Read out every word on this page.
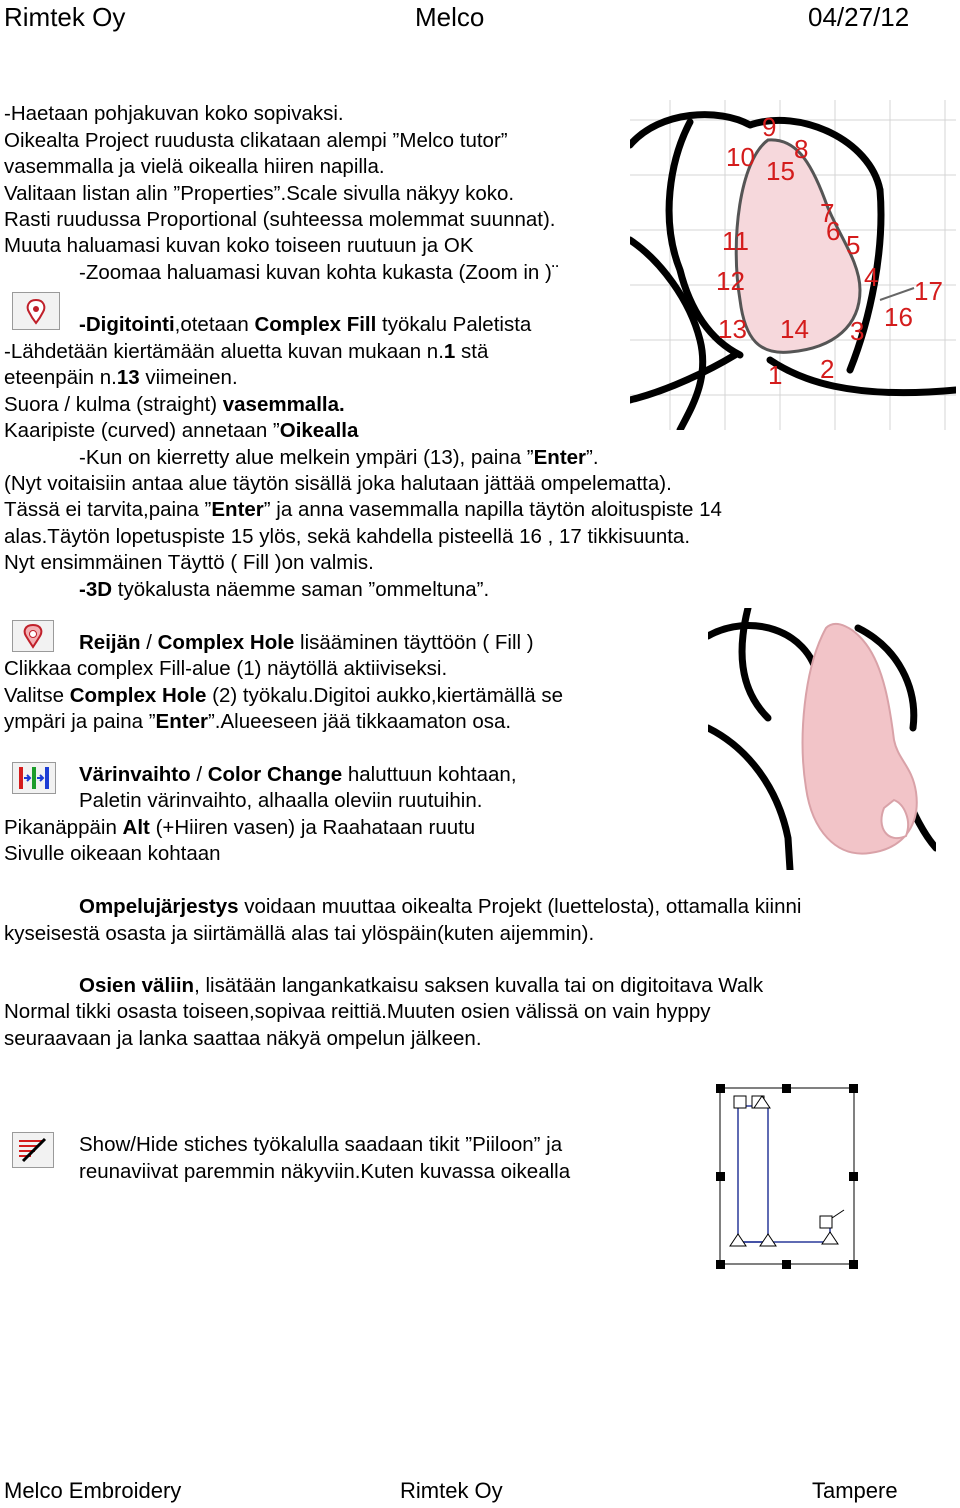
Rimtek Oy	Melco	04/27/12
Melco Embroidery	Rimtek Oy	Tampere
-Haetaan pohjakuvan koko sopivaksi.
Oikealta Project ruudusta clikataan alempi ”Melco tutor”
vasemmalla ja vielä oikealla hiiren napilla.
Valitaan listan alin ”Properties”.Scale sivulla näkyy koko.
Rasti ruudussa Proportional (suhteessa molemmat suunnat).
Muuta haluamasi kuvan koko toiseen ruutuun ja OK
-Zoomaa haluamasi kuvan kohta kukasta (Zoom in )¨
-Digitointi,otetaan Complex Fill työkalu Paletista
-Lähdetään kiertämään aluetta kuvan mukaan n.1 stä
eteenpäin n.13 viimeinen.
Suora / kulma (straight) vasemmalla.
Kaaripiste (curved) annetaan ”Oikealla
-Kun on kierretty alue melkein ympäri (13), paina ”Enter”.
(Nyt voitaisiin antaa alue täytön sisällä joka halutaan jättää ompelematta).
Tässä ei tarvita,paina ”Enter” ja anna vasemmalla napilla täytön aloituspiste 14
alas.Täytön lopetuspiste 15 ylös, sekä kahdella pisteellä 16 , 17 tikkisuunta.
Nyt ensimmäinen Täyttö ( Fill )on valmis.
-3D työkalusta näemme saman ”ommeltuna”.
9
8
10 15
7
6 5
11
12	4 17
16
13 14 3
1 2
Reijän / Complex Hole lisääminen täyttöön ( Fill )
Clikkaa complex Fill-alue (1) näytöllä aktiiviseksi.
Valitse Complex Hole (2) työkalu.Digitoi aukko,kiertämällä se
ympäri ja paina ”Enter”.Alueeseen jää tikkaamaton osa.
Värinvaihto / Color Change haluttuun kohtaan,
Paletin värinvaihto, alhaalla oleviin ruutuihin.
Pikanäppäin Alt (+Hiiren vasen) ja Raahataan ruutu
Sivulle oikeaan kohtaan
Ompelujärjestys voidaan muuttaa oikealta Projekt (luettelosta), ottamalla kiinni
kyseisestä osasta ja siirtämällä alas tai ylöspäin(kuten aijemmin).
Osien väliin, lisätään langankatkaisu saksen kuvalla tai on digitoitava Walk
Normal tikki osasta toiseen,sopivaa reittiä.Muuten osien välissä on vain hyppy
seuraavaan ja lanka saattaa näkyä ompelun jälkeen.
Show/Hide stiches työkalulla saadaan tikit ”Piiloon” ja
reunaviivat paremmin näkyviin.Kuten kuvassa oikealla
